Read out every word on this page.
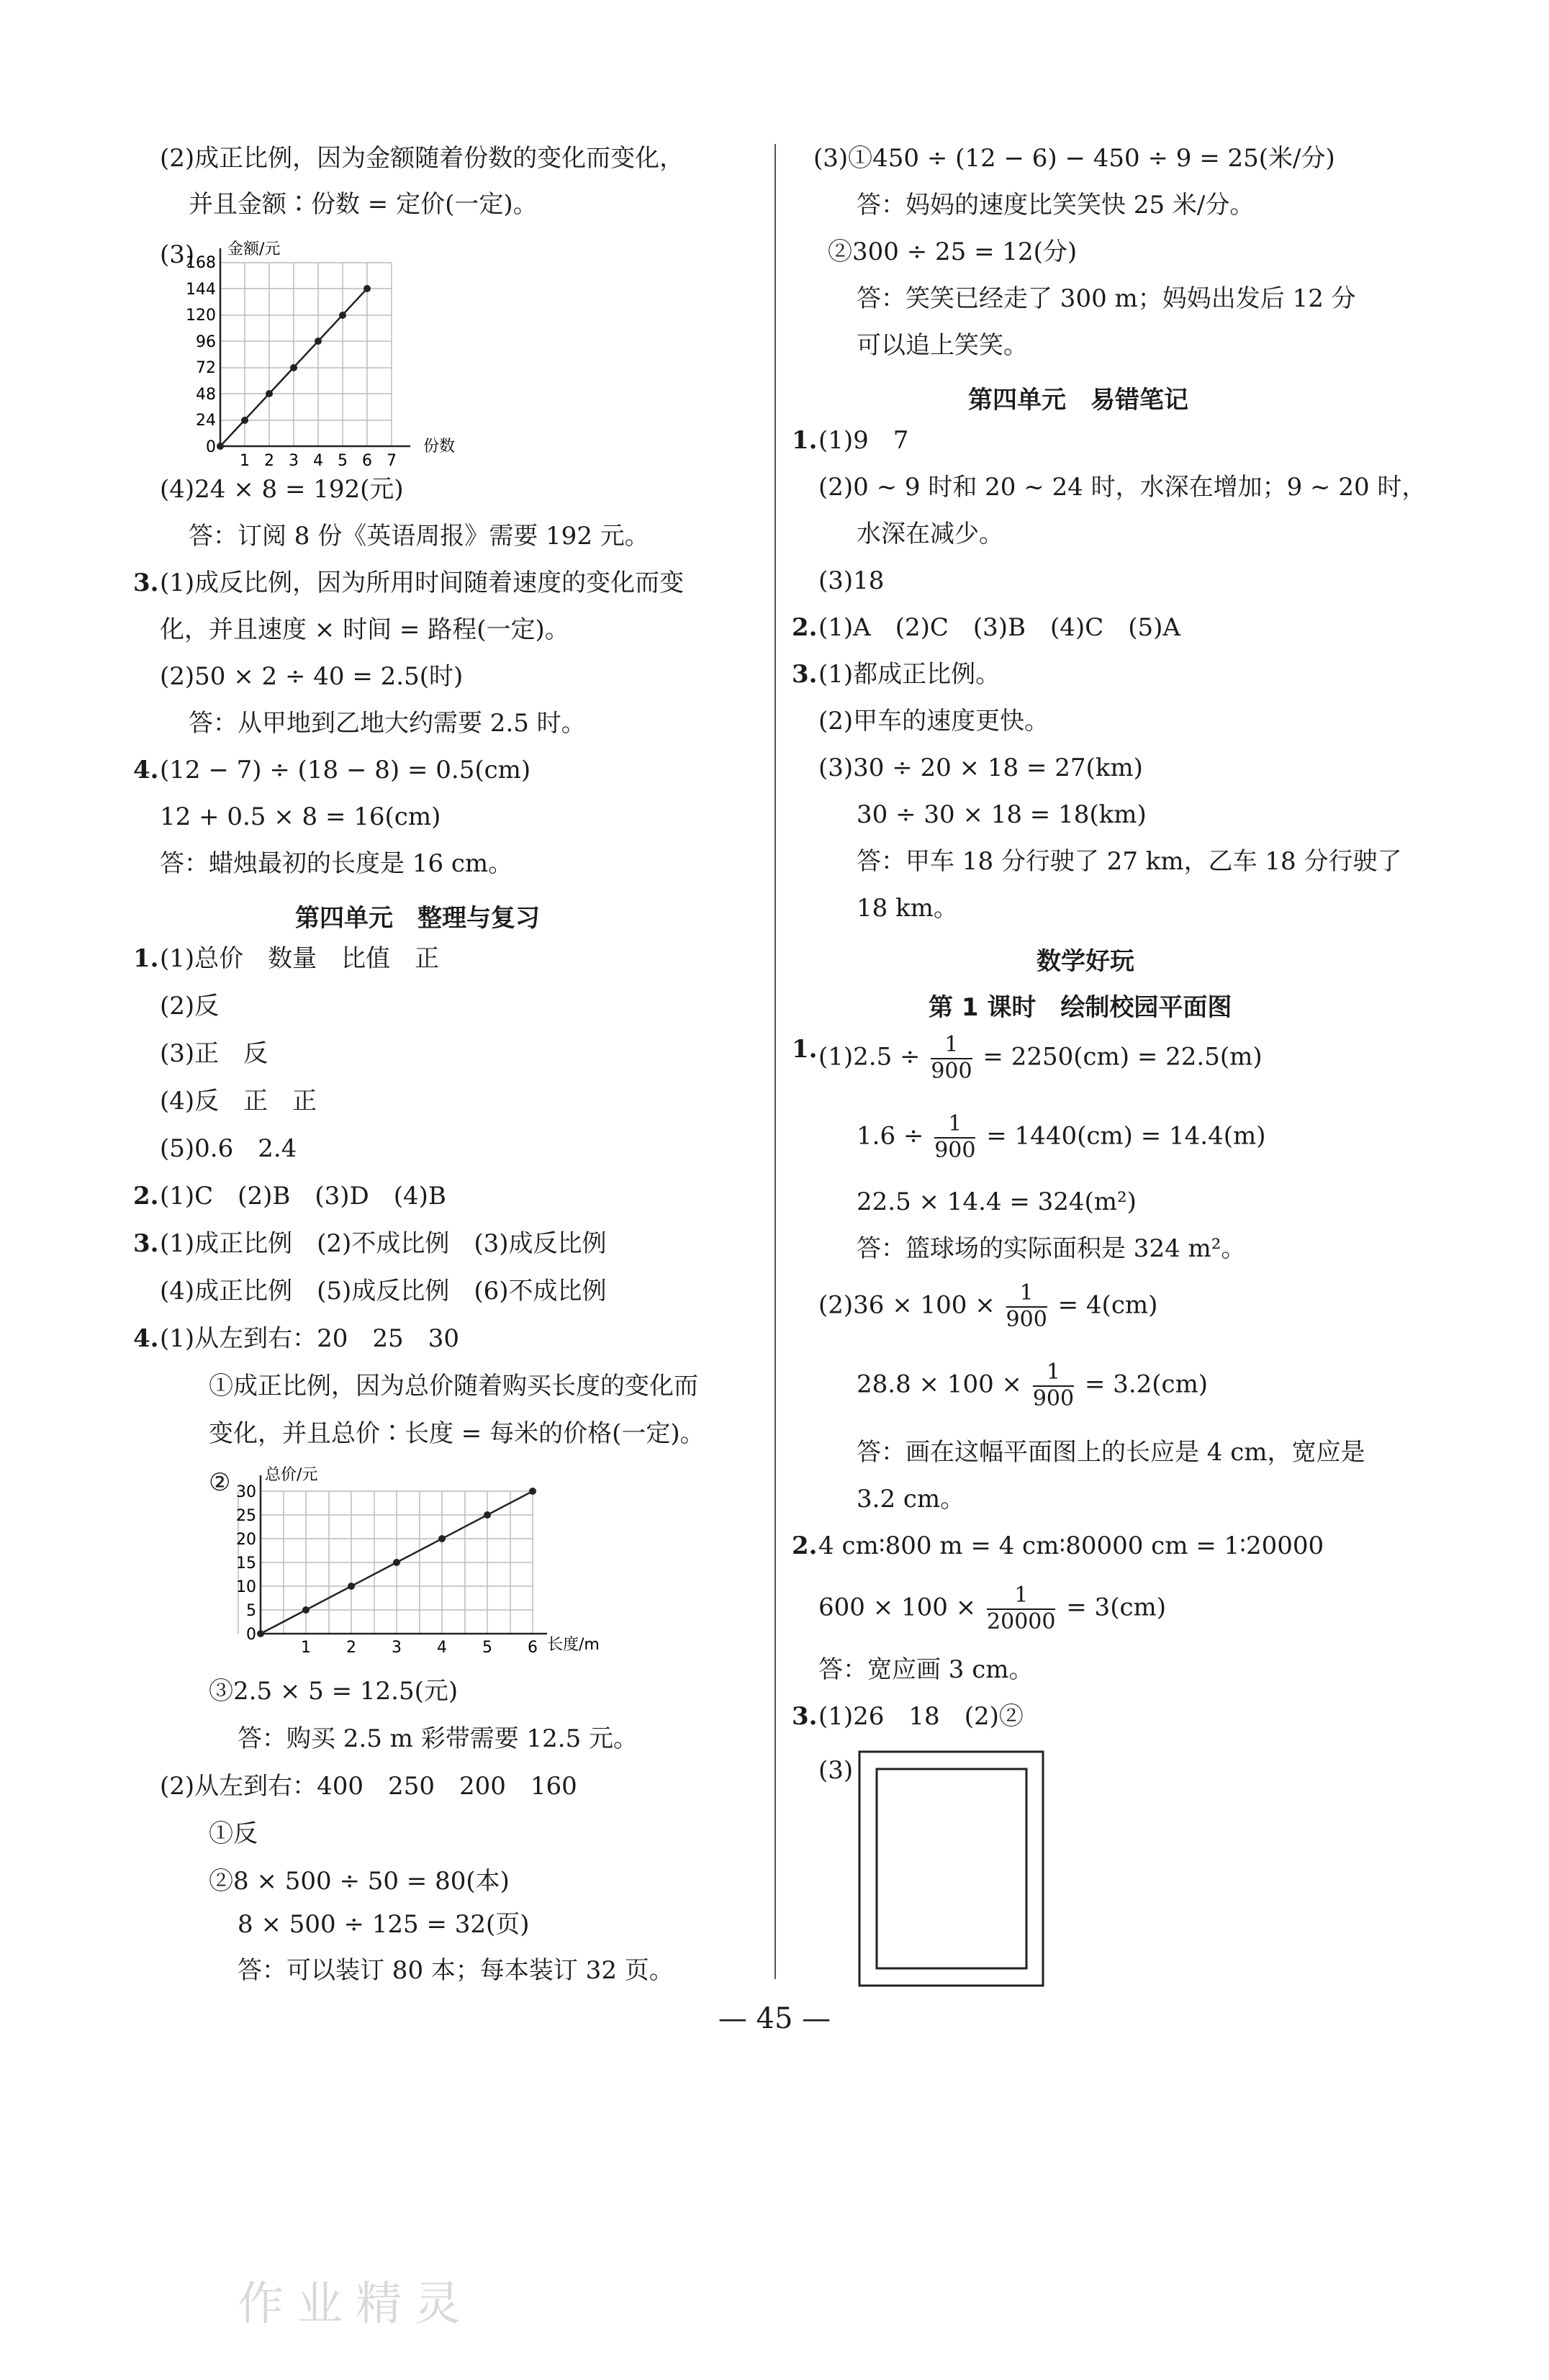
(2)成正比例，因为金额随着份数的变化而变化，
并且金额∶份数 = 定价(一定)。
(3) 金额/元
份数
0
24
48
72
96
120
144
168
1 2 3 4 5 6 7
(4)24 × 8 = 192(元)
答：订阅 8 份《英语周报》需要 192 元。
3. (1)成反比例，因为所用时间随着速度的变化而变
化，并且速度 × 时间 = 路程(一定)。
(2)50 × 2 ÷ 40 = 2.5(时)
答：从甲地到乙地大约需要 2.5 时。
4. (12 − 7) ÷ (18 − 8) = 0.5(cm)
12 + 0.5 × 8 = 16(cm)
答：蜡烛最初的长度是 16 cm。
第四单元　整理与复习
1. (1)总价　数量　比值　正
(2)反
(3)正　反
(4)反　正　正
(5)0.6　2.4
2. (1)C　(2)B　(3)D　(4)B
3. (1)成正比例　(2)不成比例　(3)成反比例
(4)成正比例　(5)成反比例　(6)不成比例
4. (1)从左到右：20　25　30
①成正比例，因为总价随着购买长度的变化而
变化，并且总价∶长度 = 每米的价格(一定)。
② 总价/元
长度/m
0
5
10
15
20
25
30
1 2 3 4 5 6
③2.5 × 5 = 12.5(元)
答：购买 2.5 m 彩带需要 12.5 元。
(2)从左到右：400　250　200　160
①反
②8 × 500 ÷ 50 = 80(本)
8 × 500 ÷ 125 = 32(页)
答：可以装订 80 本；每本装订 32 页。
(3)①450 ÷ (12 − 6) − 450 ÷ 9 = 25(米/分)
答：妈妈的速度比笑笑快 25 米/分。
②300 ÷ 25 = 12(分)
答：笑笑已经走了 300 m；妈妈出发后 12 分
可以追上笑笑。
第四单元　易错笔记
1. (1)9　7
(2)0 ~ 9 时和 20 ~ 24 时，水深在增加；9 ~ 20 时，
水深在减少。
(3)18
2. (1)A　(2)C　(3)B　(4)C　(5)A
3. (1)都成正比例。
(2)甲车的速度更快。
(3)30 ÷ 20 × 18 = 27(km)
30 ÷ 30 × 18 = 18(km)
答：甲车 18 分行驶了 27 km，乙车 18 分行驶了
18 km。
数学好玩
第 1 课时　绘制校园平面图
1. $(1)2.5 \div \frac{1}{900} = 2250(cm) = 22.5(m)$
$1.6 \div \frac{1}{900} = 1440(cm) = 14.4(m)$
22.5 × 14.4 = 324(m²)
答：篮球场的实际面积是 324 m²。
$(2)36 \times 100 \times \frac{1}{900} = 4(cm)$
$28.8 \times 100 \times \frac{1}{900} = 3.2(cm)$
答：画在这幅平面图上的长应是 4 cm，宽应是
3.2 cm。
2. 4 cm∶800 m = 4 cm∶80000 cm = 1∶20000
$600 \times 100 \times \frac{1}{20000} = 3(cm)$
答：宽应画 3 cm。
3. (1)26　18　(2)②
(3)
— 45 —
作业精灵
